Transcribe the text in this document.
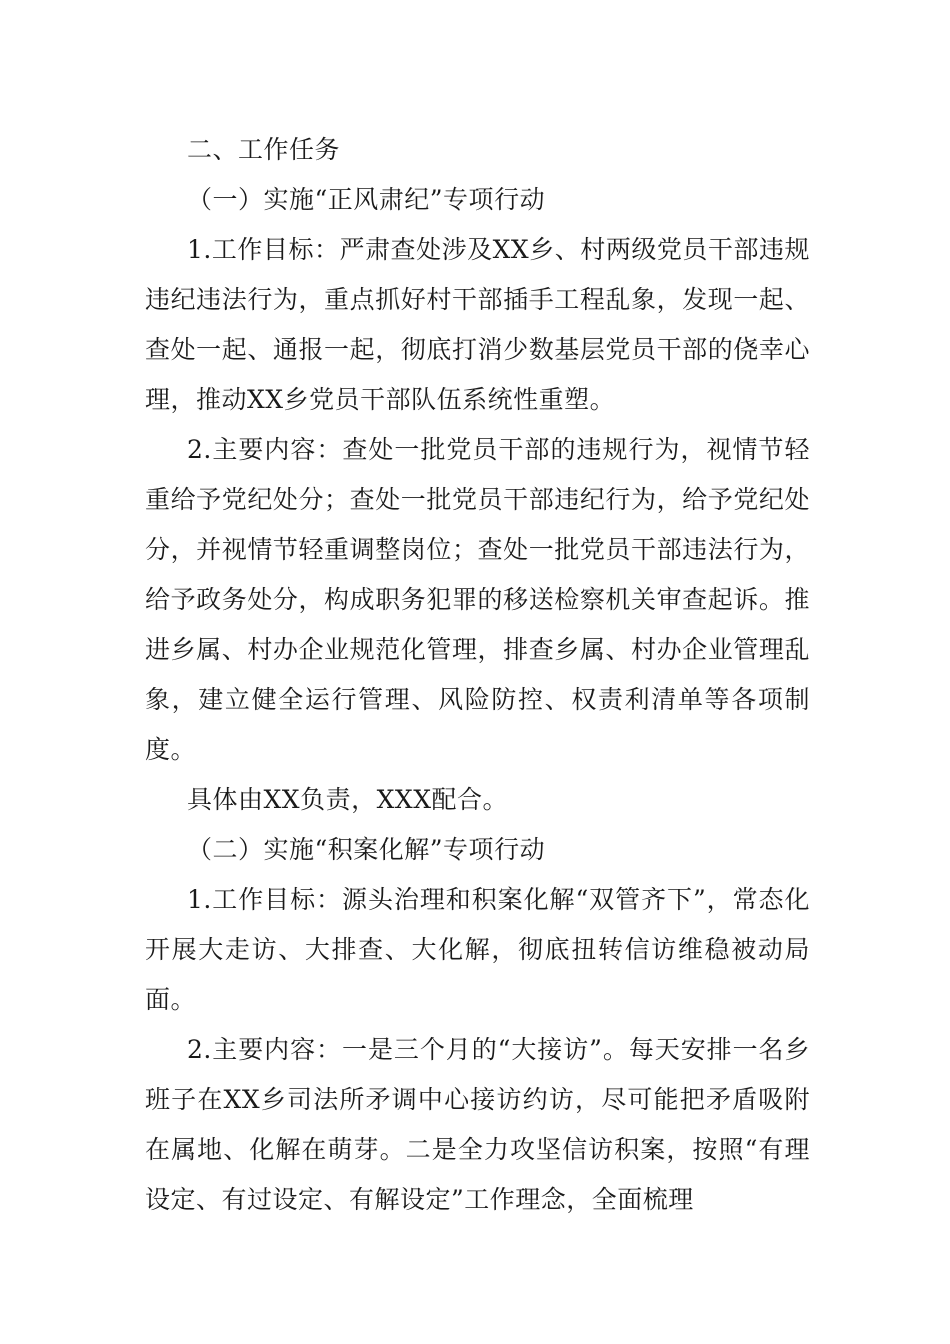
二、工作任务

（一）实施“正风肃纪”专项行动

1.工作目标：严肃查处涉及XX乡、村两级党员干部违规违纪违法行为，重点抓好村干部插手工程乱象，发现一起、查处一起、通报一起，彻底打消少数基层党员干部的侥幸心理，推动XX乡党员干部队伍系统性重塑。

2.主要内容：查处一批党员干部的违规行为，视情节轻重给予党纪处分；查处一批党员干部违纪行为，给予党纪处分，并视情节轻重调整岗位；查处一批党员干部违法行为，给予政务处分，构成职务犯罪的移送检察机关审查起诉。推进乡属、村办企业规范化管理，排查乡属、村办企业管理乱象，建立健全运行管理、风险防控、权责利清单等各项制度。

具体由XX负责，XXX配合。

（二）实施“积案化解”专项行动

1.工作目标：源头治理和积案化解“双管齐下”，常态化开展大走访、大排查、大化解，彻底扭转信访维稳被动局面。

2.主要内容：一是三个月的“大接访”。每天安排一名乡班子在XX乡司法所矛调中心接访约访，尽可能把矛盾吸附在属地、化解在萌芽。二是全力攻坚信访积案，按照“有理设定、有过设定、有解设定”工作理念，全面梳理
